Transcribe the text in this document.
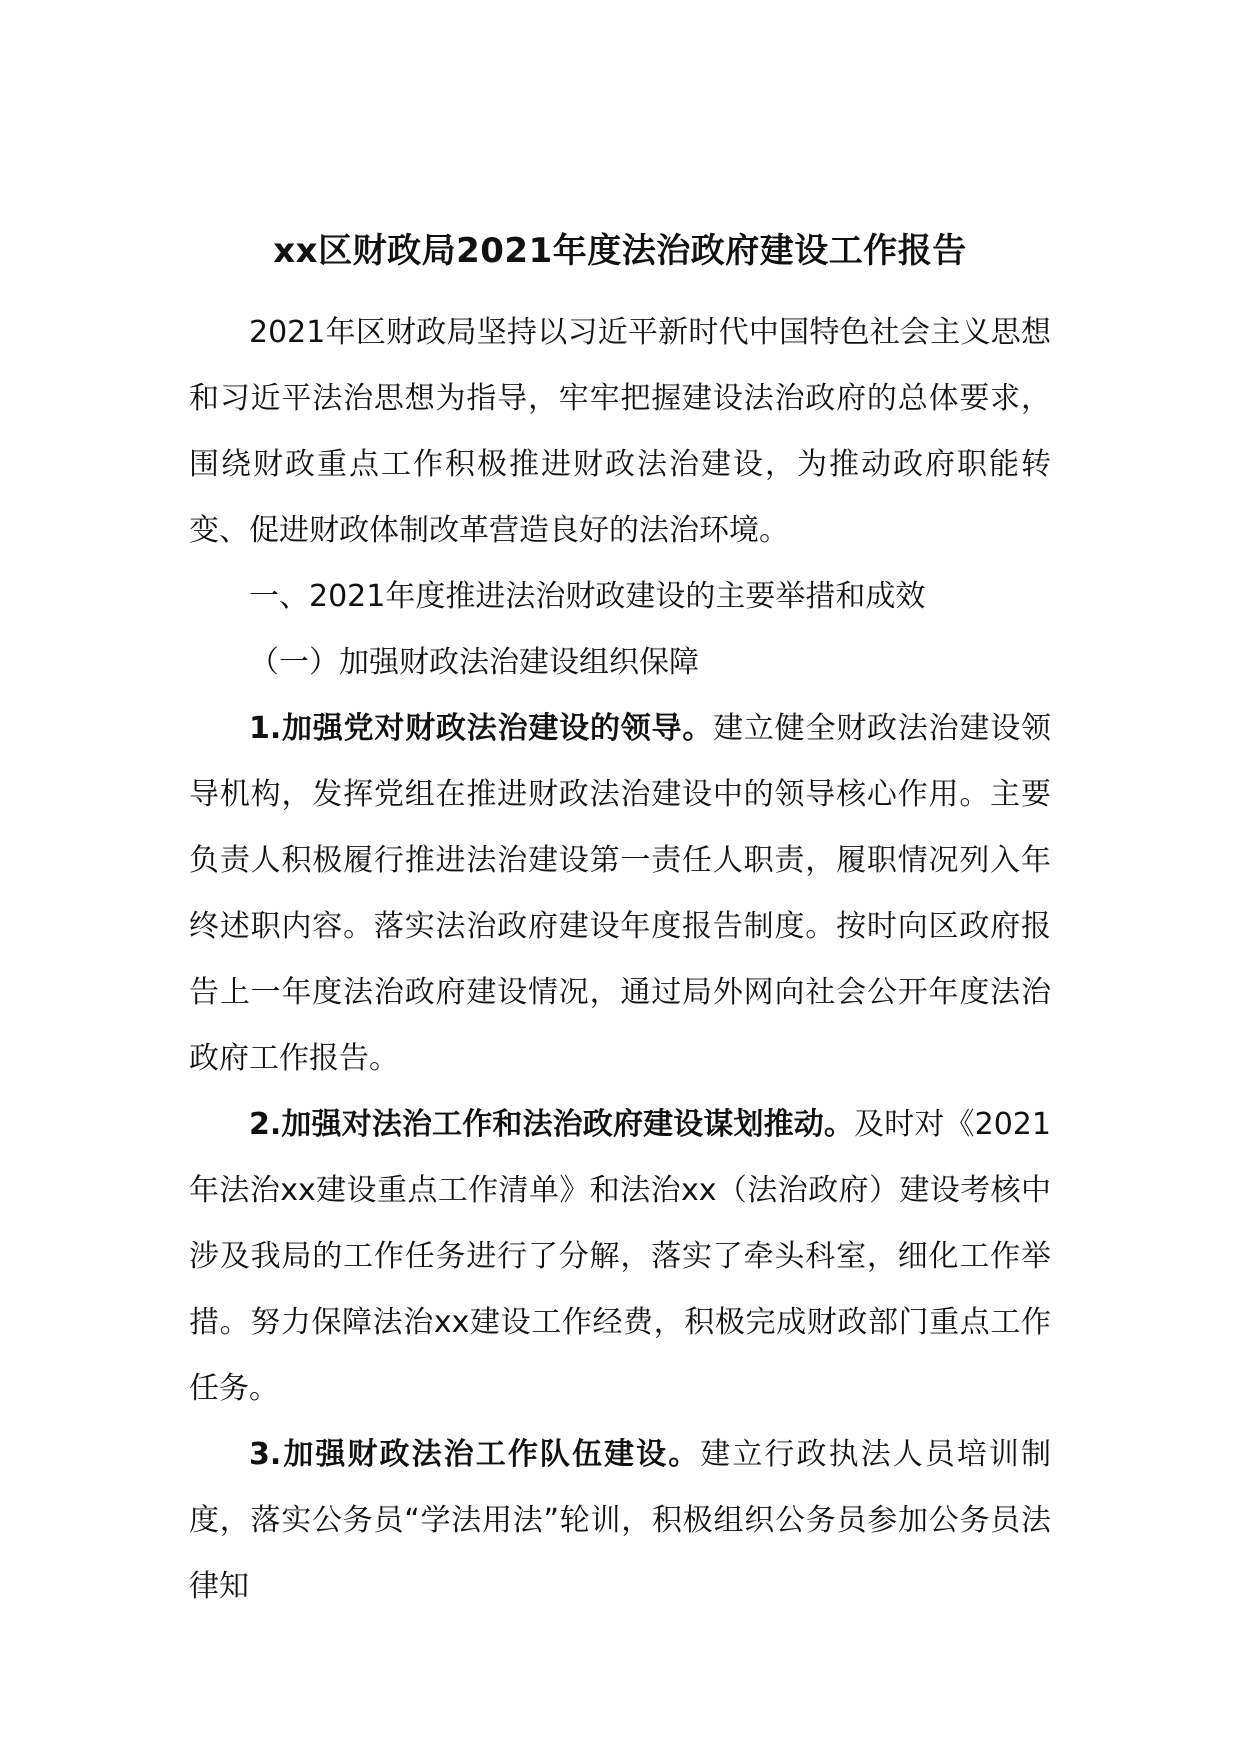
xx区财政局2021年度法治政府建设工作报告

2021年区财政局坚持以习近平新时代中国特色社会主义思想和习近平法治思想为指导，牢牢把握建设法治政府的总体要求，围绕财政重点工作积极推进财政法治建设，为推动政府职能转变、促进财政体制改革营造良好的法治环境。

一、2021年度推进法治财政建设的主要举措和成效

（一）加强财政法治建设组织保障

1.加强党对财政法治建设的领导。建立健全财政法治建设领导机构，发挥党组在推进财政法治建设中的领导核心作用。主要负责人积极履行推进法治建设第一责任人职责，履职情况列入年终述职内容。落实法治政府建设年度报告制度。按时向区政府报告上一年度法治政府建设情况，通过局外网向社会公开年度法治政府工作报告。

2.加强对法治工作和法治政府建设谋划推动。及时对《2021年法治xx建设重点工作清单》和法治xx（法治政府）建设考核中涉及我局的工作任务进行了分解，落实了牵头科室，细化工作举措。努力保障法治xx建设工作经费，积极完成财政部门重点工作任务。

3.加强财政法治工作队伍建设。建立行政执法人员培训制度，落实公务员“学法用法”轮训，积极组织公务员参加公务员法律知
